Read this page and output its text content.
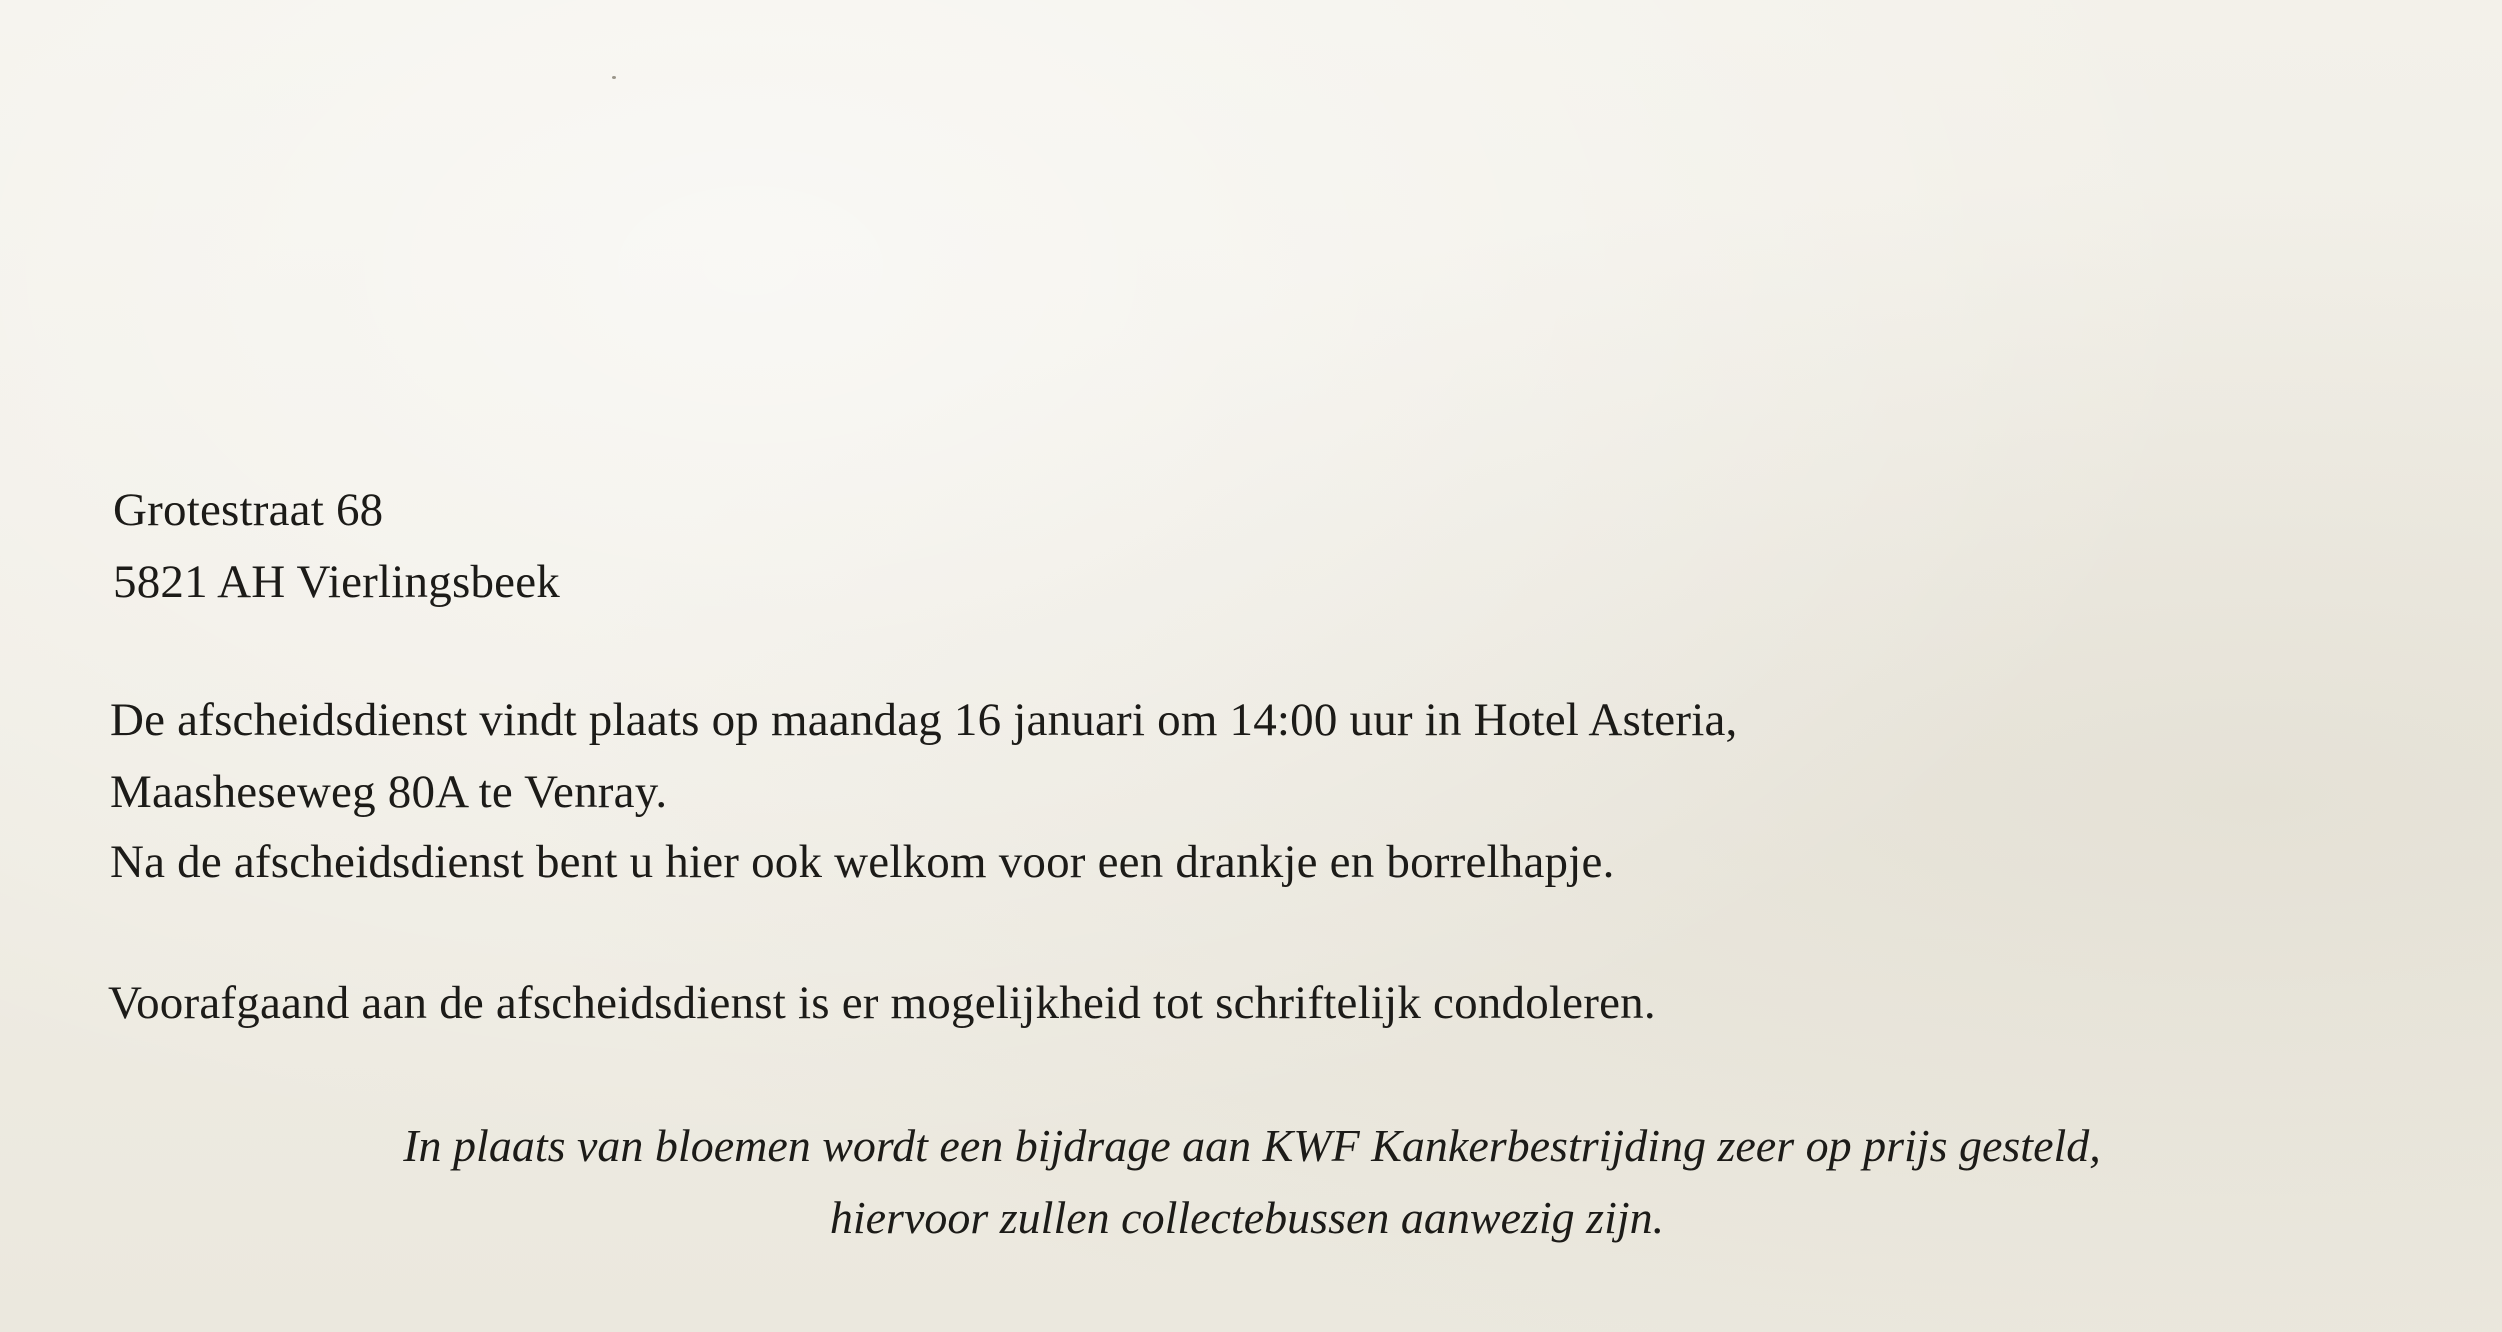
Grotestraat 68
5821 AH Vierlingsbeek
De afscheidsdienst vindt plaats op maandag 16 januari om 14:00 uur in Hotel Asteria,
Maasheseweg 80A te Venray.
Na de afscheidsdienst bent u hier ook welkom voor een drankje en borrelhapje.
Voorafgaand aan de afscheidsdienst is er mogelijkheid tot schriftelijk condoleren.
In plaats van bloemen wordt een bijdrage aan KWF Kankerbestrijding zeer op prijs gesteld,
hiervoor zullen collectebussen aanwezig zijn.
